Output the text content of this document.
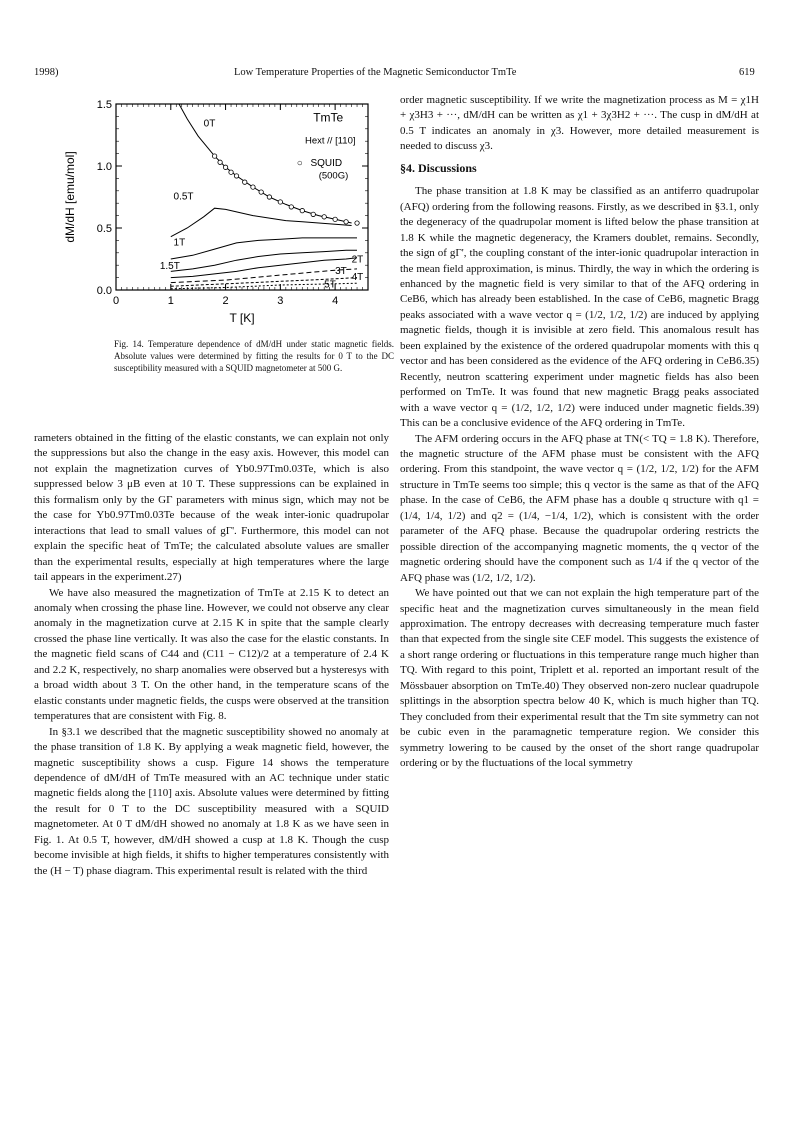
1998)	Low Temperature Properties of the Magnetic Semiconductor TmTe	619
0	1	2	3	4
0.0
0.5
1.0
1.5
T [K]
dM/dH [emu/mol]
0T
0.5T
1T
1.5T
2T
3T
4T
5T
TmTe
Hext // [110]
○ SQUID
(500G)
Fig. 14. Temperature dependence of dM/dH under static magnetic fields. Absolute values were determined by fitting the results for 0 T to the DC susceptibility measured with a SQUID magnetometer at 500 G.

rameters obtained in the fitting of the elastic constants, we can explain not only the suppressions but also the change in the easy axis. However, this model can not explain the magnetization curves of Yb0.97Tm0.03Te, which is also suppressed below 3 μB even at 10 T. These suppressions can be explained in this formalism only by the GΓ parameters with minus sign, which may not be the case for Yb0.97Tm0.03Te because of the weak inter-ionic quadrupolar interactions that lead to small values of gΓ'. Furthermore, this model can not explain the specific heat of TmTe; the calculated absolute values are smaller than the experimental results, especially at high temperatures where the large tail appears in the experiment.27)

We have also measured the magnetization of TmTe at 2.15 K to detect an anomaly when crossing the phase line. However, we could not observe any clear anomaly in the magnetization curve at 2.15 K in spite that the sample clearly crossed the phase line vertically. It was also the case for the elastic constants. In the magnetic field scans of C44 and (C11 − C12)/2 at a temperature of 2.4 K and 2.2 K, respectively, no sharp anomalies were observed but a hysteresys with a broad width about 3 T. On the other hand, in the temperature scans of the elastic constants under magnetic fields, the cusps were observed at the transition temperatures that are consistent with Fig. 8.

In §3.1 we described that the magnetic susceptibility showed no anomaly at the phase transition of 1.8 K. By applying a weak magnetic field, however, the magnetic susceptibility shows a cusp. Figure 14 shows the temperature dependence of dM/dH of TmTe measured with an AC technique under static magnetic fields along the [110] axis. Absolute values were determined by fitting the result for 0 T to the DC susceptibility measured with a SQUID magnetometer. At 0 T dM/dH showed no anomaly at 1.8 K as we have seen in Fig. 1. At 0.5 T, however, dM/dH showed a cusp at 1.8 K. Though the cusp become invisible at high fields, it shifts to higher temperatures consistently with the (H − T) phase diagram. This experimental result is related with the third

order magnetic susceptibility. If we write the magnetization process as M = χ1H + χ3H3 + ···, dM/dH can be written as χ1 + 3χ3H2 + ···. The cusp in dM/dH at 0.5 T indicates an anomaly in χ3. However, more detailed measurement is needed to discuss χ3.

§4. Discussions

The phase transition at 1.8 K may be classified as an antiferro quadrupolar (AFQ) ordering from the following reasons. Firstly, as we described in §3.1, only the degeneracy of the quadrupolar moment is lifted below the phase transition at 1.8 K while the magnetic degeneracy, the Kramers doublet, remains. Secondly, the sign of gΓ', the coupling constant of the inter-ionic quadrupolar interaction in the mean field approximation, is minus. Thirdly, the way in which the ordering is enhanced by the magnetic field is very similar to that of the AFQ ordering in CeB6, which has already been established. In the case of CeB6, magnetic Bragg peaks associated with a wave vector q = (1/2, 1/2, 1/2) are induced by applying magnetic fields, though it is invisible at zero field. This anomalous result has been explained by the existence of the ordered quadrupolar moments with this q vector and has been considered as the evidence of the AFQ ordering in CeB6.35) Recently, neutron scattering experiment under magnetic fields has also been performed on TmTe. It was found that new magnetic Bragg peaks associated with a wave vector q = (1/2, 1/2, 1/2) were induced under magnetic fields.39) This can be a conclusive evidence of the AFQ ordering in TmTe.

The AFM ordering occurs in the AFQ phase at TN(< TQ = 1.8 K). Therefore, the magnetic structure of the AFM phase must be consistent with the AFQ ordering. From this standpoint, the wave vector q = (1/2, 1/2, 1/2) for the AFM structure in TmTe seems too simple; this q vector is the same as that of the AFQ phase. In the case of CeB6, the AFM phase has a double q structure with q1 = (1/4, 1/4, 1/2) and q2 = (1/4, −1/4, 1/2), which is consistent with the order parameter of the AFQ phase. Because the quadrupolar ordering restricts the possible direction of the accompanying magnetic moments, the q vector of the magnetic ordering should have the component such as 1/4 if the q vector of the AFQ phase was (1/2, 1/2, 1/2).

We have pointed out that we can not explain the high temperature part of the specific heat and the magnetization curves simultaneously in the mean field approximation. The entropy decreases with decreasing temperature much faster than that expected from the single site CEF model. This suggests the existence of a short range ordering or fluctuations in this temperature range much higher than TQ. With regard to this point, Triplett et al. reported an important result of the Mössbauer absorption on TmTe.40) They observed non-zero nuclear quadrupole splittings in the absorption spectra below 40 K, which is much higher than TQ. They concluded from their experimental result that the Tm site symmetry can not be cubic even in the paramagnetic temperature region. We consider this symmetry lowering to be caused by the onset of the short range quadrupolar ordering or by the fluctuations of the local symmetry
